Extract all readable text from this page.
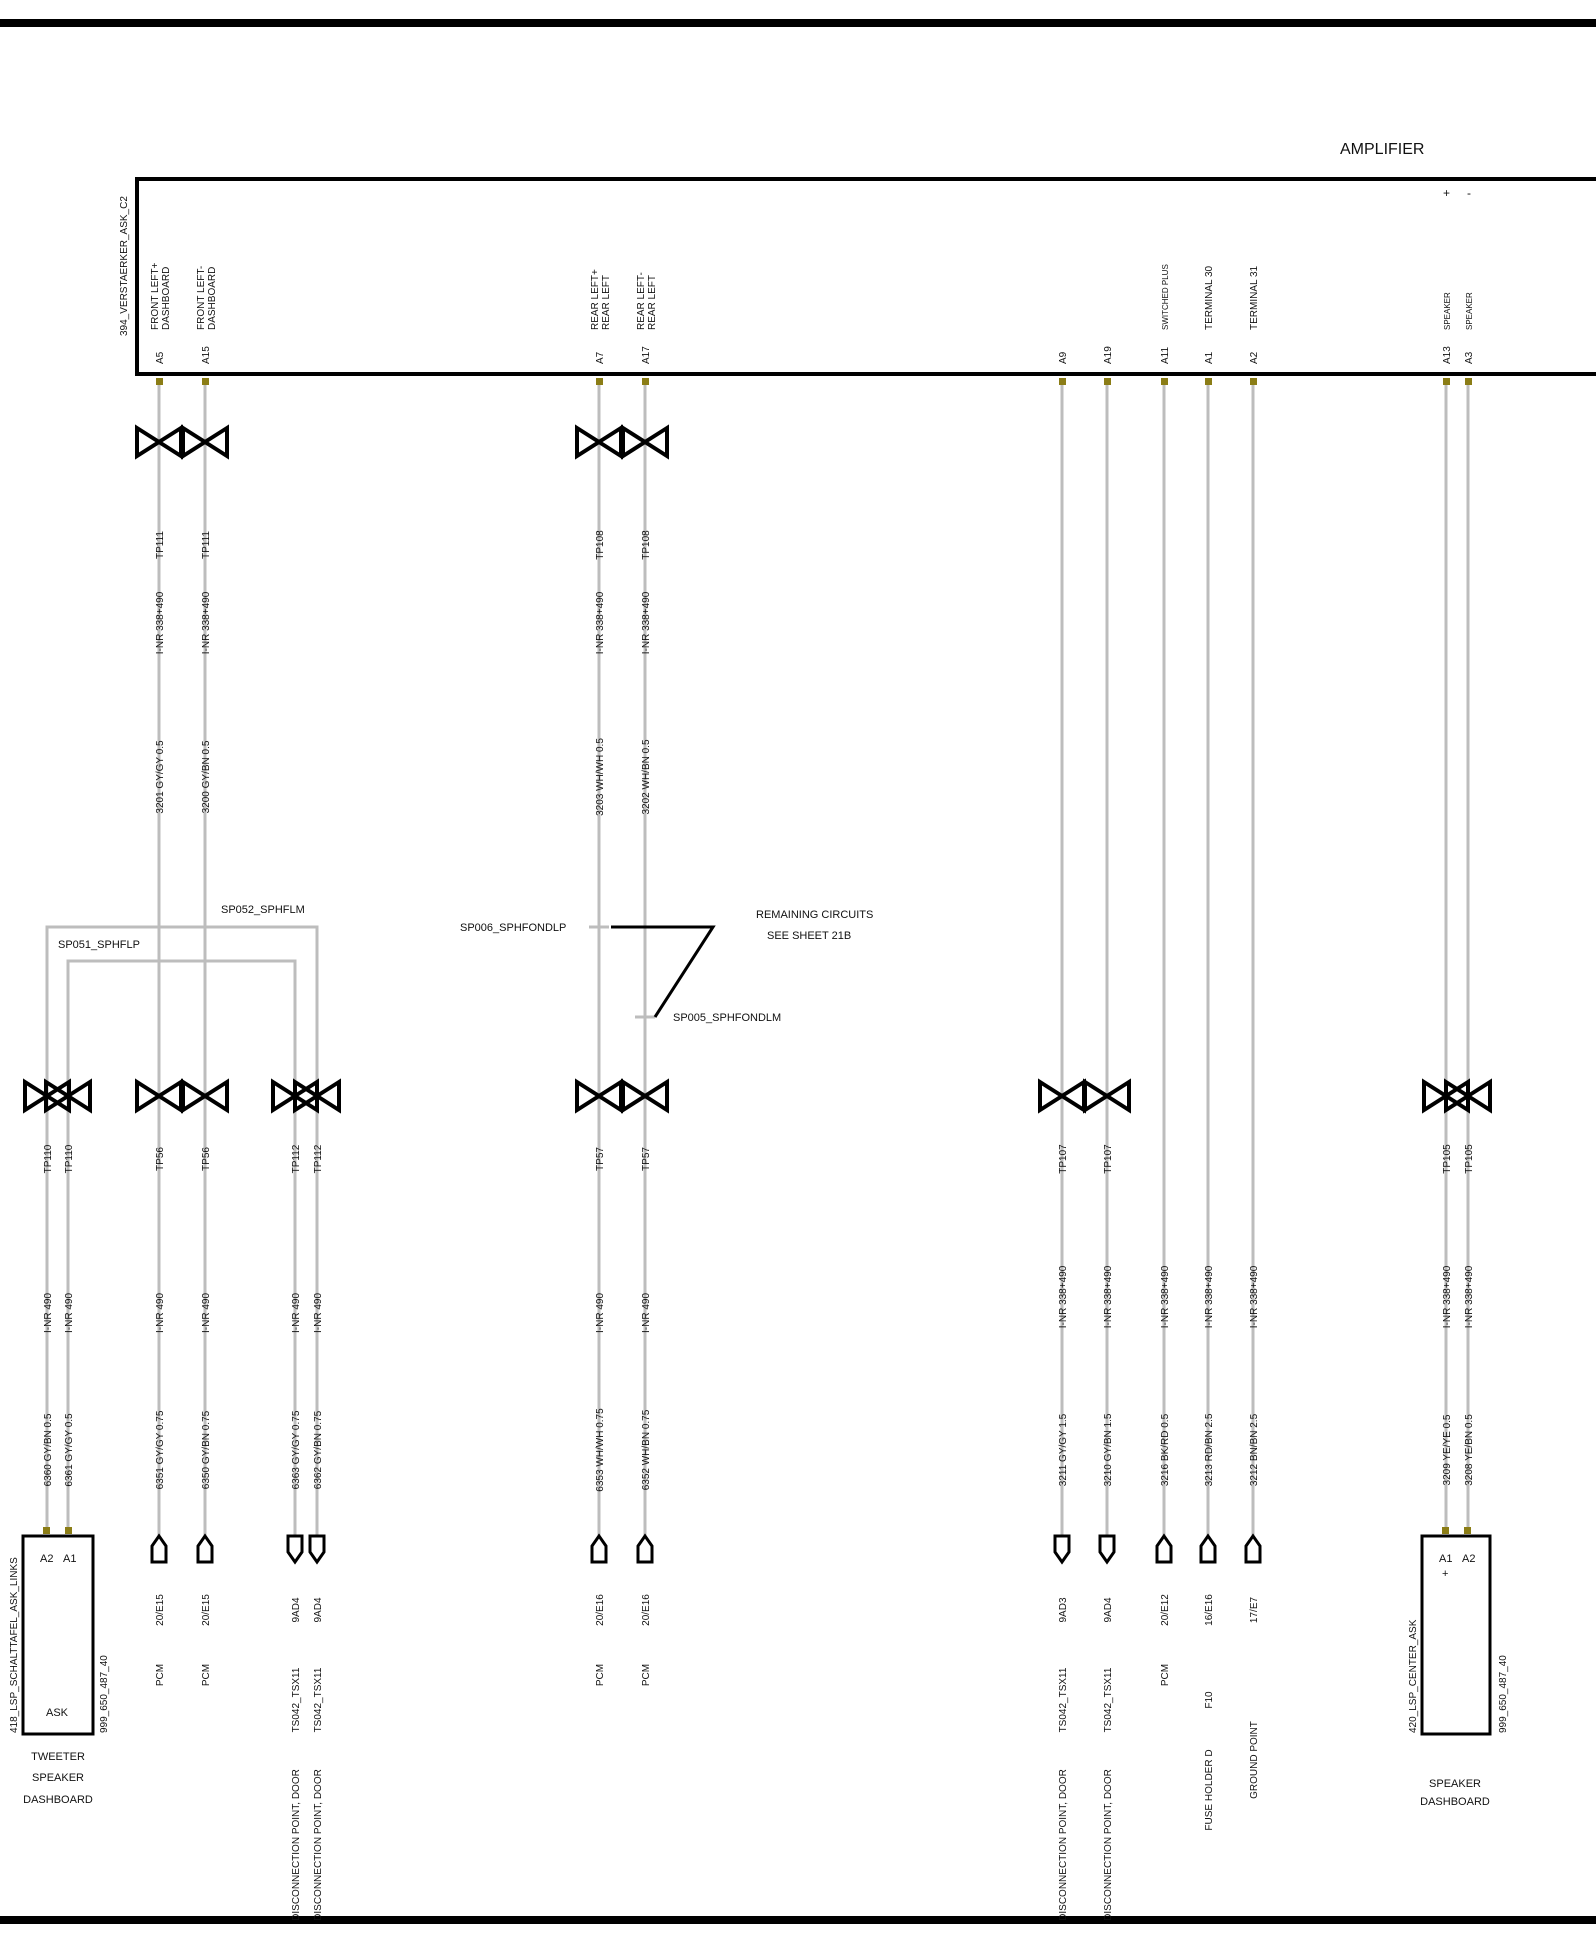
AMPLIFIER
394_VERSTAERKER_ASK_C2
+ -
A5
FRONT LEFT+ DASHBOARD
A15
FRONT LEFT- DASHBOARD
A7
REAR LEFT+ REAR LEFT
A17
REAR LEFT- REAR LEFT
A9	A19	A11
SWITCHED PLUS
A1
TERMINAL 30
A2
TERMINAL 31
A13
SPEAKER
A3
SPEAKER
TP111
I-NR 338+490
3201 GY/GY 0.5
TP111
I-NR 338+490
3200 GY/BN 0.5
TP108
I-NR 338+490
3203 WH/WH 0.5
TP108
I-NR 338+490
3202 WH/BN 0.5
TP110
I-NR 490
6360 GY/BN 0.5
TP110
I-NR 490
6361 GY/GY 0.5
TP56
I-NR 490
6351 GY/GY 0.75
TP56
I-NR 490
6350 GY/BN 0.75
TP112
I-NR 490
6363 GY/GY 0.75
TP112
I-NR 490
6362 GY/BN 0.75
TP57
I-NR 490
6353 WH/WH 0.75
TP57
I-NR 490
6352 WH/BN 0.75
TP107
I-NR 338+490
3211 GY/GY 1.5
TP107
I-NR 338+490
3210 GY/BN 1.5
I-NR 338+490
3216 BK/RD 0.5
I-NR 338+490
3213 RD/BN 2.5
I-NR 338+490
3212 BN/BN 2.5
TP105
I-NR 338+490
3209 YE/YE 0.5
TP105
I-NR 338+490
3208 YE/BN 0.5
20/E15
PCM
20/E15
PCM
9AD4
TS042_TSX11
DISCONNECTION POINT, DOOR
9AD4
TS042_TSX11
DISCONNECTION POINT, DOOR
20/E16
PCM
20/E16
PCM
9AD3
TS042_TSX11
DISCONNECTION POINT, DOOR
9AD4
TS042_TSX11
DISCONNECTION POINT, DOOR
20/E12
PCM
16/E16
F10
FUSE HOLDER D
17/E7
GROUND POINT
SP052_SPHFLM
SP051_SPHFLP
SP006_SPHFONDLP
SP005_SPHFONDLM
REMAINING CIRCUITS
SEE SHEET 21B
A2 A1
ASK
418_LSP_SCHALTTAFEL_ASK_LINKS	999_650_487_40
TWEETER
SPEAKER
DASHBOARD
A1 A2
+
420_LSP_CENTER_ASK	999_650_487_40
SPEAKER
DASHBOARD
